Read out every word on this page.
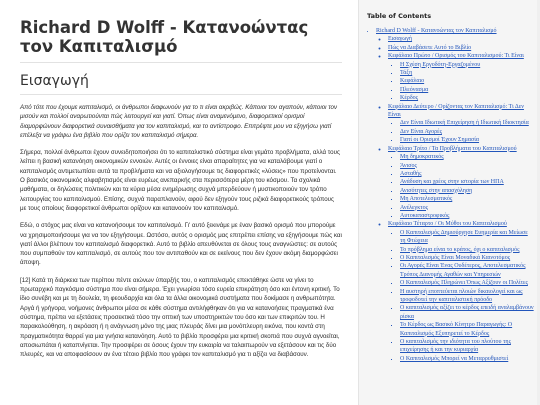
Richard D Wolff - Κατανοώντας τον Καπιταλισμό
Εισαγωγή

Από τότε που έχουμε καπιταλισμό, οι άνθρωποι διαφωνούν για το τι είναι ακριβώς. Κάποιοι τον αγαπούν, κάποιοι τον μισούν και πολλοί αναρωτιούνται πώς λειτουργεί και γιατί. Όπως είναι αναμενόμενο, διαφορετικοί ορισμοί διαμορφώνουν διαφορετικά συναισθήματα για τον καπιταλισμό, και το αντίστροφο. Επιτρέψτε μου να εξηγήσω γιατί επέλεξα να γράψω ένα βιβλίο που ορίζει τον καπιταλισμό σήμερα.

Σήμερα, πολλοί άνθρωποι έχουν συνειδητοποιήσει ότι το καπιταλιστικό σύστημα είναι γεμάτο προβλήματα, αλλά τους λείπει η βασική κατανόηση οικονομικών εννοιών. Αυτές οι έννοιες είναι απαραίτητες για να καταλάβουμε γιατί ο καπιταλισμός αντιμετωπίσει αυτά τα προβλήματα και να αξιολογήσουμε τις διαφορετικές «λύσεις» που προτείνονται. Ο βασικός οικονομικός αλφαβητισμός είναι ευρέως ανεπαρκής στα περισσότερα μέρη του κόσμου. Τα σχολικά μαθήματα, οι δηλώσεις πολιτικών και τα κύρια μέσα ενημέρωσης συχνά μπερδεύουν ή μυστικοποιούν τον τρόπο λειτουργίας του καπιταλισμού. Επίσης, συχνά παραπλανούν, αφού δεν εξηγούν τους ριζικά διαφορετικούς τρόπους με τους οποίους διαφορετικοί άνθρωποι ορίζουν και κατανοούν τον καπιταλισμό.

Εδώ, ο στόχος μας είναι να κατανοήσουμε τον καπιταλισμό. Γι' αυτό ξεκινάμε με έναν βασικό ορισμό που μπορούμε να χρησιμοποιήσουμε για να τον εξηγήσουμε. Ωστόσο, αυτός ο ορισμός μας επιτρέπει επίσης να εξηγήσουμε πώς και γιατί άλλοι βλέπουν τον καπιταλισμό διαφορετικά. Αυτό το βιβλίο απευθύνεται σε όλους τους αναγνώστες: σε αυτούς που συμπαθούν τον καπιταλισμό, σε αυτούς που τον αντιπαθούν και σε εκείνους που δεν έχουν ακόμη διαμορφώσει άποψη.

[12] Κατά τη διάρκεια των περίπου πέντε αιώνων ύπαρξής του, ο καπιταλισμός επεκτάθηκε ώστε να γίνει το πρωταρχικό παγκόσμιο σύστημα που είναι σήμερα. Έχει γνωρίσει τόσο ευρεία επικράτηση όσο και έντονη κριτική. Το ίδιο συνέβη και με τη δουλεία, τη φεουδαρχία και όλα τα άλλα οικονομικά συστήματα που δοκίμασε η ανθρωπότητα. Αργά ή γρήγορα, νοήμονες άνθρωποι μέσα σε κάθε σύστημα αντιλήφθηκαν ότι για να κατανοήσεις πραγματικά ένα σύστημα, πρέπει να εξετάσεις προσεκτικά τόσο την οπτική των υποστηρικτών του όσο και των επικριτών του. Η παρακολούθηση, η ακρόαση ή η ανάγνωση μόνο της μιας πλευράς δίνει μια μονόπλευρη εικόνα, που κοντά στη πραγματικότητα θαρρεί για μια γνήσια κατανόηση. Αυτό το βιβλίο προσφέρει μια κριτική σκοπιά που συχνά αγνοείται, αποσιωπάται ή καταπνίγεται. Την προσφέρει σε όσους έχουν την ευκαιρία να ταλαιπωρούν να εξετάσουν και τις δύο πλευρές, και να αποφασίσουν αν ένα τέτοιο βιβλίο που γράφει τον καπιταλισμό για τι αξίζει να διαβάσουν.

Table of Contents
• Richard D Wolff - Κατανοώντας τον Καπιταλισμό
◦ Εισαγωγή
◦ Πώς να Διαβάσετε Αυτό το Βιβλίο
◦ Κεφάλαιο Πρώτο / Ορισμός του Καπιταλισμού: Τι Είναι
▪ Η Σχέση Εργοδότη-Εργαζομένου
▪ Τάξη
▪ Κεφάλαιο
▪ Πλεόνασμα
▪ Κέρδος
◦ Κεφάλαιο Δεύτερο / Ορίζοντας τον Καπιταλισμό: Τι Δεν Είναι
▪ Δεν Είναι Ιδιωτική Επιχείρηση ή Ιδιωτική Ιδιοκτησία
▪ Δεν Είναι Αγορές
▪ Γιατί οι Ορισμοί Έχουν Σημασία
◦ Κεφάλαιο Τρίτο / Τα Προβλήματα του Καπιταλισμού
▪ Μη δημοκρατικός
▪ Άνισος
▪ Ασταθής
▪ Ανάδυση και χρέος στην ιστορία των ΗΠΑ
▪ Ανισότητες στην απασχόληση
▪ Μη Αποτελεσματικός
▪ Ανέλεγκτος
▪ Αυτοκαταστροφικός
◦ Κεφάλαιο Τέταρτο / Οι Μύθοι του Καπιταλισμού
▪ Ο Καπιταλισμός Δημιούργησε Ευημερία και Μείωσε τη Φτώχεια
▪ Το πρόβλημα είναι το κράτος, όχι ο καπιταλισμός
▪ Ο Καπιταλισμός Είναι Μοναδικά Καινοτόμος
▪ Οι Αγορές Είναι Ένας Ουδέτερος, Αποτελεσματικός Τρόπος Διανομής Αγαθών και Υπηρεσιών
▪ Ο Καπιταλισμός Πληρώνει Όπως Αξίζουν οι Πολίτες
▪ Η αυστηρή εποπτεύεται πλοιών δικαιολογεί και ως τροφοδοτεί την καπιταλιστική πρόοδο
▪ Ο καπιταλισμός αξίζει το κέρδος επειδή αναλαμβάνουν ρίσκα
▪ Το Κέρδος ως Βασικό Κίνητρο Παραγωγής: Ο Καπιταλισμός Εξυπηρετεί το Κέρδος
▪ Ο καπιταλισμός την ιδιότητα του πλούτου της επιχείρησης ή και την κυριαρχία
▪ Ο Καπιταλισμός Μπορεί να Μεταρρυθμιστεί
